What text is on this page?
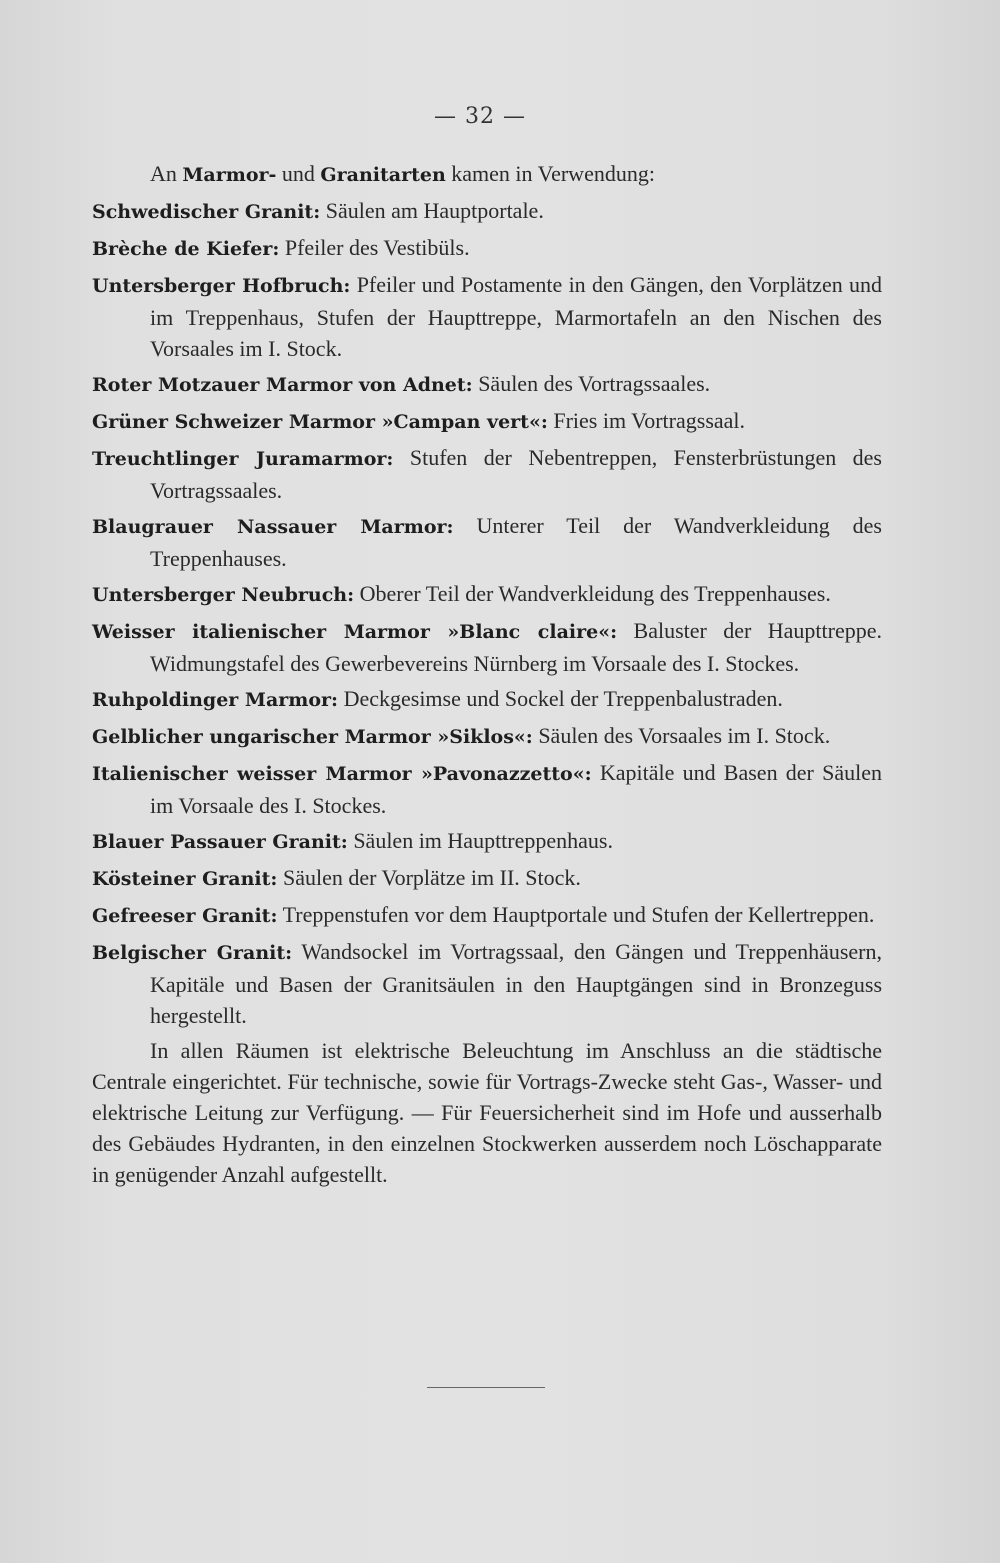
— 32 —

An Marmor- und Granitarten kamen in Verwendung:

Schwedischer Granit: Säulen am Hauptportale.

Brèche de Kiefer: Pfeiler des Vestibüls.

Untersberger Hofbruch: Pfeiler und Postamente in den Gängen, den Vorplätzen und im Treppenhaus, Stufen der Haupttreppe, Marmortafeln an den Nischen des Vorsaales im I. Stock.

Roter Motzauer Marmor von Adnet: Säulen des Vortragssaales.

Grüner Schweizer Marmor »Campan vert«: Fries im Vortragssaal.

Treuchtlinger Juramarmor: Stufen der Nebentreppen, Fensterbrüstungen des Vortragssaales.

Blaugrauer Nassauer Marmor: Unterer Teil der Wandverkleidung des Treppenhauses.

Untersberger Neubruch: Oberer Teil der Wandverkleidung des Treppenhauses.

Weisser italienischer Marmor »Blanc claire«: Baluster der Haupttreppe. Widmungstafel des Gewerbevereins Nürnberg im Vorsaale des I. Stockes.

Ruhpoldinger Marmor: Deckgesimse und Sockel der Treppenbalustraden.

Gelblicher ungarischer Marmor »Siklos«: Säulen des Vorsaales im I. Stock.

Italienischer weisser Marmor »Pavonazzetto«: Kapitäle und Basen der Säulen im Vorsaale des I. Stockes.

Blauer Passauer Granit: Säulen im Haupttreppenhaus.

Kösteiner Granit: Säulen der Vorplätze im II. Stock.

Gefreeser Granit: Treppenstufen vor dem Hauptportale und Stufen der Kellertreppen.

Belgischer Granit: Wandsockel im Vortragssaal, den Gängen und Treppenhäusern, Kapitäle und Basen der Granitsäulen in den Hauptgängen sind in Bronzeguss hergestellt.

In allen Räumen ist elektrische Beleuchtung im Anschluss an die städtische Centrale eingerichtet. Für technische, sowie für Vortrags-Zwecke steht Gas-, Wasser- und elektrische Leitung zur Verfügung. — Für Feuersicherheit sind im Hofe und ausserhalb des Gebäudes Hydranten, in den einzelnen Stockwerken ausserdem noch Löschapparate in genügender Anzahl aufgestellt.
